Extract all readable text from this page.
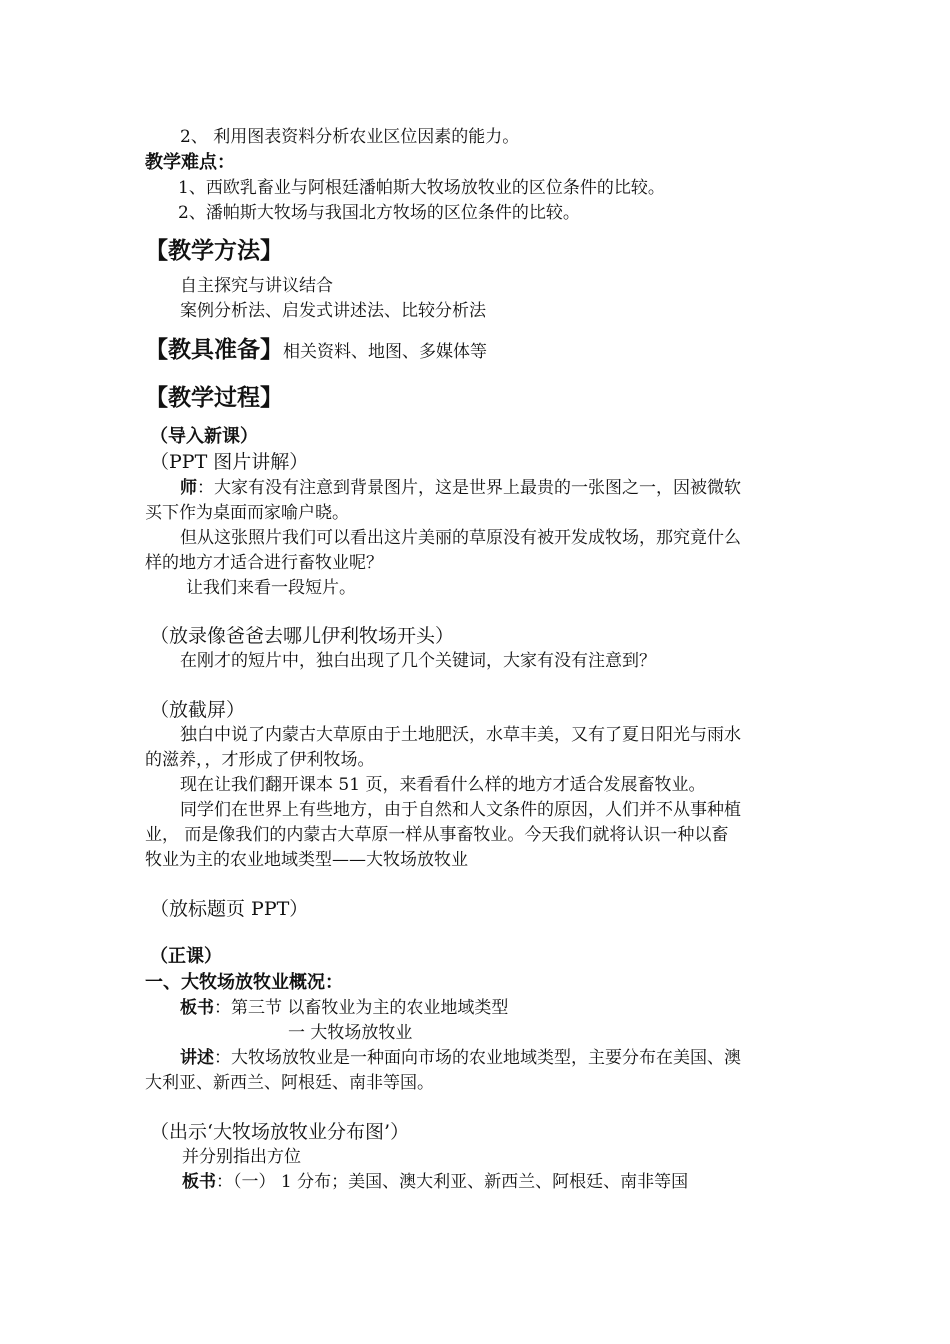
2、 利用图表资料分析农业区位因素的能力。
教学难点：
1、西欧乳畜业与阿根廷潘帕斯大牧场放牧业的区位条件的比较。
2、潘帕斯大牧场与我国北方牧场的区位条件的比较。
【教学方法】
自主探究与讲议结合
案例分析法、启发式讲述法、比较分析法
【教具准备】相关资料、地图、多媒体等
【教学过程】
（导入新课）
（PPT 图片讲解）
师：大家有没有注意到背景图片，这是世界上最贵的一张图之一，因被微软
买下作为桌面而家喻户晓。
但从这张照片我们可以看出这片美丽的草原没有被开发成牧场，那究竟什么
样的地方才适合进行畜牧业呢？
让我们来看一段短片。
（放录像爸爸去哪儿伊利牧场开头）
在刚才的短片中，独白出现了几个关键词，大家有没有注意到？
（放截屏）
独白中说了内蒙古大草原由于土地肥沃，水草丰美，又有了夏日阳光与雨水
的滋养，，才形成了伊利牧场。
现在让我们翻开课本 51 页，来看看什么样的地方才适合发展畜牧业。
同学们在世界上有些地方，由于自然和人文条件的原因，人们并不从事种植
业， 而是像我们的内蒙古大草原一样从事畜牧业。今天我们就将认识一种以畜
牧业为主的农业地域类型——大牧场放牧业
（放标题页 PPT）
（正课）
一、大牧场放牧业概况：
板书：第三节 以畜牧业为主的农业地域类型
一 大牧场放牧业
讲述：大牧场放牧业是一种面向市场的农业地域类型，主要分布在美国、澳
大利亚、新西兰、阿根廷、南非等国。
（出示‘大牧场放牧业分布图’）
并分别指出方位
板书：（一） 1 分布；美国、澳大利亚、新西兰、阿根廷、南非等国
